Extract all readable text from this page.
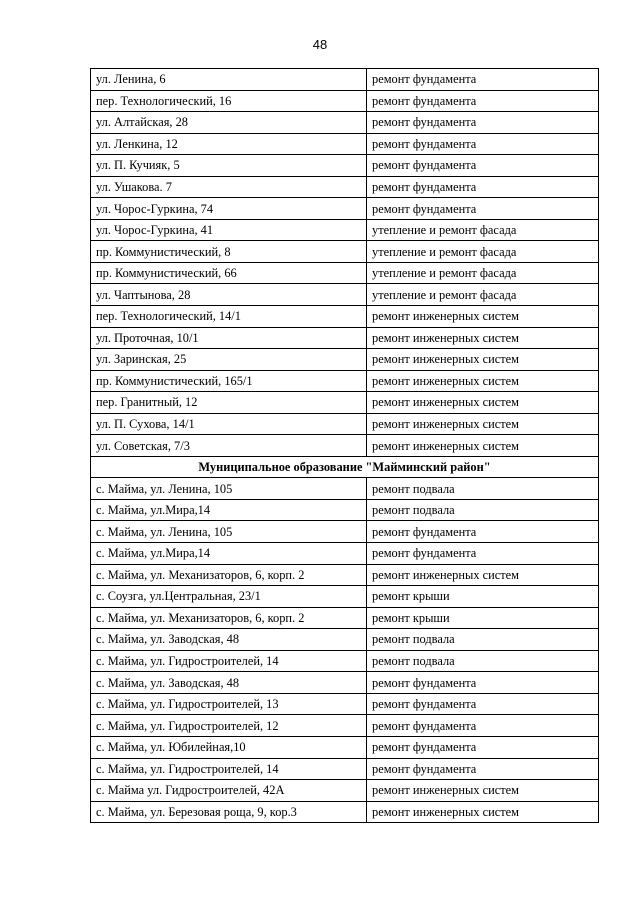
48
ул. Ленина, 6	ремонт фундамента
пер. Технологический, 16	ремонт фундамента
ул. Алтайская, 28	ремонт фундамента
ул. Ленкина, 12	ремонт фундамента
ул. П. Кучияк, 5	ремонт фундамента
ул. Ушакова. 7	ремонт фундамента
ул. Чорос-Гуркина, 74	ремонт фундамента
ул. Чорос-Гуркина, 41	утепление и ремонт фасада
пр. Коммунистический, 8	утепление и ремонт фасада
пр. Коммунистический, 66	утепление и ремонт фасада
ул. Чаптынова, 28	утепление и ремонт фасада
пер. Технологический, 14/1	ремонт инженерных систем
ул. Проточная, 10/1	ремонт инженерных систем
ул. Заринская, 25	ремонт инженерных систем
пр. Коммунистический, 165/1	ремонт инженерных систем
пер. Гранитный, 12	ремонт инженерных систем
ул. П. Сухова, 14/1	ремонт инженерных систем
ул. Советская, 7/3	ремонт инженерных систем
Муниципальное образование "Майминский район"	
с. Майма, ул. Ленина, 105	ремонт подвала
с. Майма, ул.Мира,14	ремонт подвала
с. Майма, ул. Ленина, 105	ремонт фундамента
с. Майма, ул.Мира,14	ремонт фундамента
с. Майма, ул. Механизаторов, 6, корп. 2	ремонт инженерных систем
с. Соузга, ул.Центральная, 23/1	ремонт крыши
с. Майма, ул. Механизаторов, 6, корп. 2	ремонт крыши
с. Майма, ул. Заводская, 48	ремонт подвала
с. Майма, ул. Гидростроителей, 14	ремонт подвала
с. Майма, ул. Заводская, 48	ремонт фундамента
с. Майма, ул. Гидростроителей, 13	ремонт фундамента
с. Майма, ул. Гидростроителей, 12	ремонт фундамента
с. Майма, ул. Юбилейная,10	ремонт фундамента
с. Майма, ул. Гидростроителей, 14	ремонт фундамента
с. Майма ул. Гидростроителей, 42А	ремонт инженерных систем
с. Майма, ул. Березовая роща, 9, кор.3	ремонт инженерных систем
